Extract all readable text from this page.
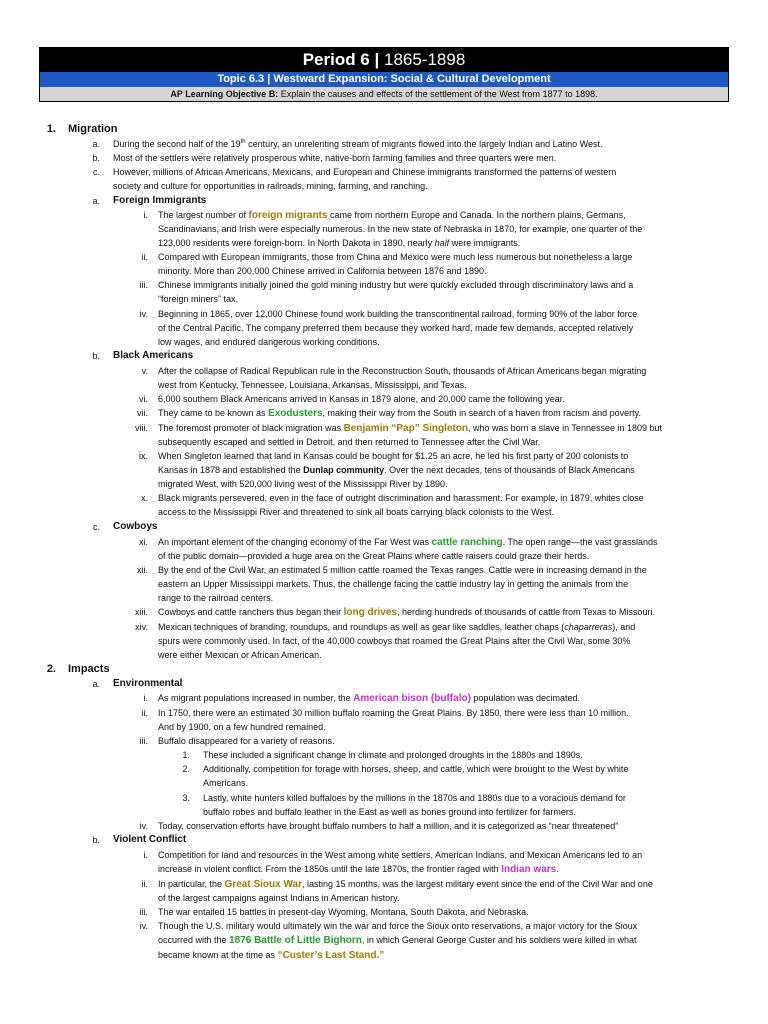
Period 6 | 1865-1898
Topic 6.3 | Westward Expansion: Social & Cultural Development
AP Learning Objective B: Explain the causes and effects of the settlement of the West from 1877 to 1898.
1. Migration
a. During the second half of the 19th century, an unrelenting stream of migrants flowed into the largely Indian and Latino West.
b. Most of the settlers were relatively prosperous white, native-born farming families and three quarters were men.
c. However, millions of African Americans, Mexicans, and European and Chinese immigrants transformed the patterns of western
society and culture for opportunities in railroads, mining, farming, and ranching.
a. Foreign Immigrants
i. The largest number of foreign migrants came from northern Europe and Canada. In the northern plains, Germans,
Scandinavians, and Irish were especially numerous. In the new state of Nebraska in 1870, for example, one quarter of the
123,000 residents were foreign-born. In North Dakota in 1890, nearly half were immigrants.
ii. Compared with European immigrants, those from China and Mexico were much less numerous but nonetheless a large
minority. More than 200,000 Chinese arrived in California between 1876 and 1890.
iii. Chinese immigrants initially joined the gold mining industry but were quickly excluded through discriminatory laws and a
“foreign miners” tax.
iv. Beginning in 1865, over 12,000 Chinese found work building the transcontinental railroad, forming 90% of the labor force
of the Central Pacific. The company preferred them because they worked hard, made few demands, accepted relatively
low wages, and endured dangerous working conditions.
b. Black Americans
v. After the collapse of Radical Republican rule in the Reconstruction South, thousands of African Americans began migrating
west from Kentucky, Tennessee, Louisiana, Arkansas, Mississippi, and Texas.
vi. 6,000 southern Black Americans arrived in Kansas in 1879 alone, and 20,000 came the following year.
vii. They came to be known as Exodusters, making their way from the South in search of a haven from racism and poverty.
viii. The foremost promoter of black migration was Benjamin “Pap” Singleton, who was born a slave in Tennessee in 1809 but
subsequently escaped and settled in Detroit, and then returned to Tennessee after the Civil War.
ix. When Singleton learned that land in Kansas could be bought for $1.25 an acre, he led his first party of 200 colonists to
Kansas in 1878 and established the Dunlap community. Over the next decades, tens of thousands of Black Americans
migrated West, with 520,000 living west of the Mississippi River by 1890.
x. Black migrants persevered, even in the face of outright discrimination and harassment. For example, in 1879, whites close
access to the Mississippi River and threatened to sink all boats carrying black colonists to the West.
c. Cowboys
xi. An important element of the changing economy of the Far West was cattle ranching. The open range—the vast grasslands
of the public domain—provided a huge area on the Great Plains where cattle raisers could graze their herds.
xii. By the end of the Civil War, an estimated 5 million cattle roamed the Texas ranges. Cattle were in increasing demand in the
eastern an Upper Mississippi markets. Thus, the challenge facing the cattle industry lay in getting the animals from the
range to the railroad centers.
xiii. Cowboys and cattle ranchers thus began their long drives, herding hundreds of thousands of cattle from Texas to Missouri.
xiv. Mexican techniques of branding, roundups, and roundups as well as gear like saddles, leather chaps (chaparreras), and
spurs were commonly used. In fact, of the 40,000 cowboys that roamed the Great Plains after the Civil War, some 30%
were either Mexican or African American.
2. Impacts
a. Environmental
i. As migrant populations increased in number, the American bison (buffalo) population was decimated.
ii. In 1750, there were an estimated 30 million buffalo roaming the Great Plains. By 1850, there were less than 10 million.
And by 1900, on a few hundred remained.
iii. Buffalo disappeared for a variety of reasons.
1. These included a significant change in climate and prolonged droughts in the 1880s and 1890s.
2. Additionally, competition for forage with horses, sheep, and cattle, which were brought to the West by white
Americans.
3. Lastly, white hunters killed buffaloes by the millions in the 1870s and 1880s due to a voracious demand for
buffalo robes and buffalo leather in the East as well as bones ground into fertilizer for farmers.
iv. Today, conservation efforts have brought buffalo numbers to half a million, and it is categorized as “near threatened”
b. Violent Conflict
i. Competition for land and resources in the West among white settlers, American Indians, and Mexican Americans led to an
increase in violent conflict. From the 1850s until the late 1870s, the frontier raged with Indian wars.
ii. In particular, the Great Sioux War, lasting 15 months, was the largest military event since the end of the Civil War and one
of the largest campaigns against Indians in American history.
iii. The war entailed 15 battles in present-day Wyoming, Montana, South Dakota, and Nebraska.
iv. Though the U.S. military would ultimately win the war and force the Sioux onto reservations, a major victory for the Sioux
occurred with the 1876 Battle of Little Bighorn, in which General George Custer and his soldiers were killed in what
became known at the time as “Custer’s Last Stand.”
